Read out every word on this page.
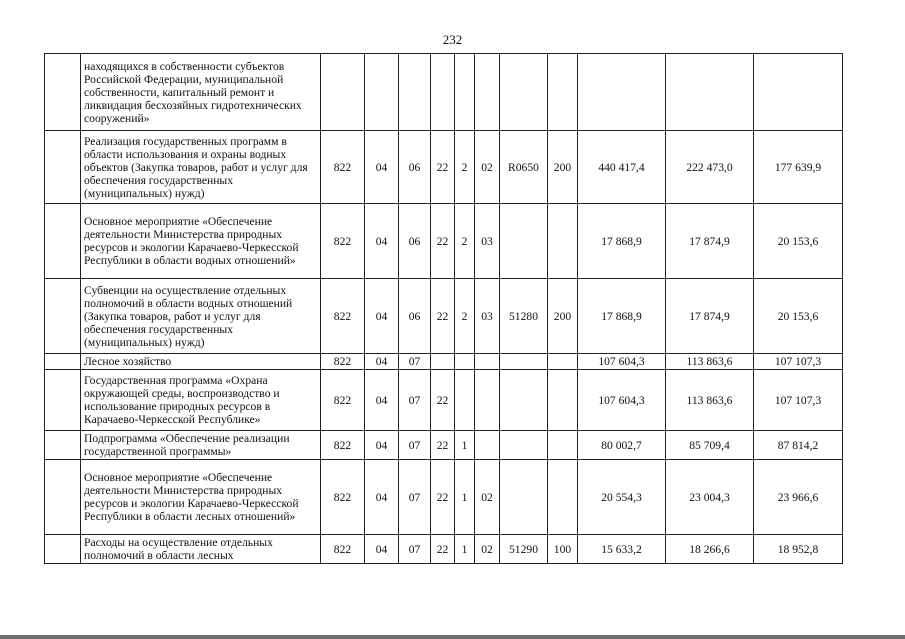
232
	находящихся в собственности субъектов Российской Федерации, муниципальной собственности, капитальный ремонт и ликвидация бесхозяйных гидротехнических сооружений»											
	Реализация государственных программ в области использования и охраны водных объектов (Закупка товаров, работ и услуг для обеспечения государственных (муниципальных) нужд)	822	04	06	22	2	02	R0650	200	440 417,4	222 473,0	177 639,9
	Основное мероприятие «Обеспечение деятельности Министерства природных ресурсов и экологии Карачаево-Черкесской Республики в области водных отношений»	822	04	06	22	2	03			17 868,9	17 874,9	20 153,6
	Субвенции на осуществление отдельных полномочий в области водных отношений (Закупка товаров, работ и услуг для обеспечения государственных (муниципальных) нужд)	822	04	06	22	2	03	51280	200	17 868,9	17 874,9	20 153,6
	Лесное хозяйство	822	04	07						107 604,3	113 863,6	107 107,3
	Государственная программа «Охрана окружающей среды, воспроизводство и использование природных ресурсов в Карачаево-Черкесской Республике»	822	04	07	22					107 604,3	113 863,6	107 107,3
	Подпрограмма «Обеспечение реализации государственной программы»	822	04	07	22	1				80 002,7	85 709,4	87 814,2
	Основное мероприятие «Обеспечение деятельности Министерства природных ресурсов и экологии Карачаево-Черкесской Республики в области лесных отношений»	822	04	07	22	1	02			20 554,3	23 004,3	23 966,6
	Расходы на осуществление отдельных полномочий в области лесных	822	04	07	22	1	02	51290	100	15 633,2	18 266,6	18 952,8
